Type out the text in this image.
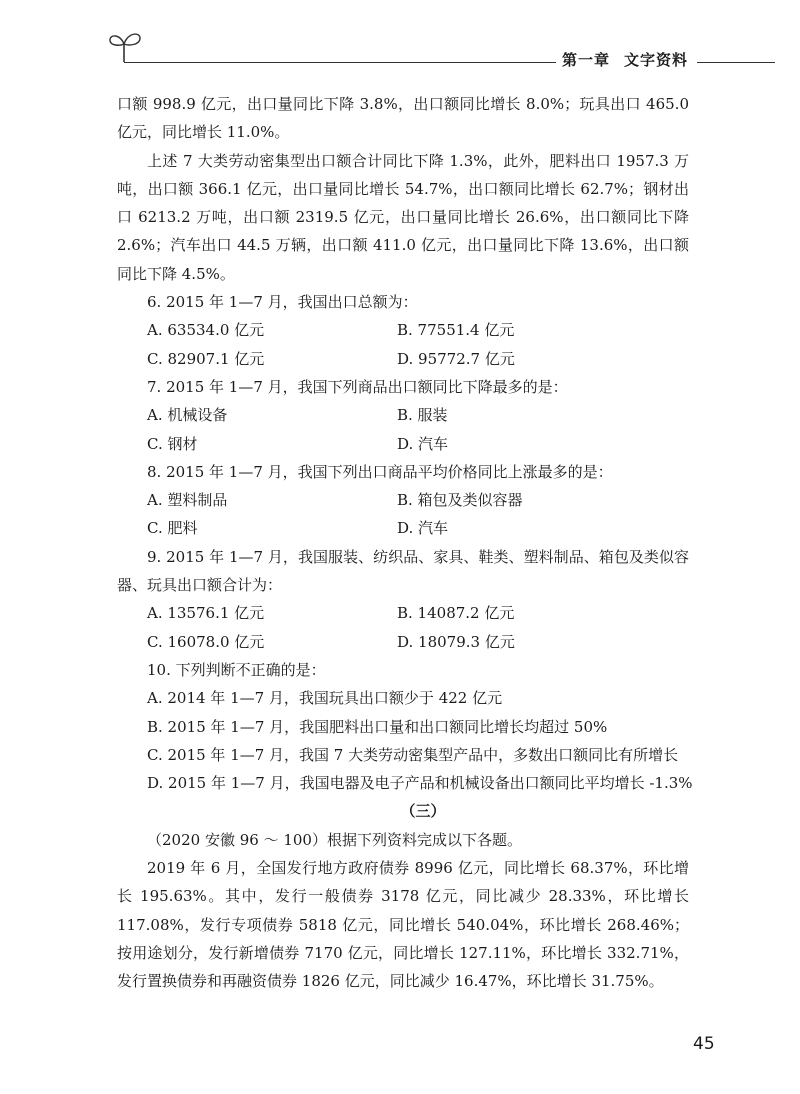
第一章 文字资料

口额 998.9 亿元，出口量同比下降 3.8%，出口额同比增长 8.0%；玩具出口 465.0 亿元，同比增长 11.0%。

上述 7 大类劳动密集型出口额合计同比下降 1.3%，此外，肥料出口 1957.3 万吨，出口额 366.1 亿元，出口量同比增长 54.7%，出口额同比增长 62.7%；钢材出口 6213.2 万吨，出口额 2319.5 亿元，出口量同比增长 26.6%，出口额同比下降 2.6%；汽车出口 44.5 万辆，出口额 411.0 亿元，出口量同比下降 13.6%，出口额同比下降 4.5%。

6. 2015 年 1—7 月，我国出口总额为：
A. 63534.0 亿元	B. 77551.4 亿元
C. 82907.1 亿元	D. 95772.7 亿元
7. 2015 年 1—7 月，我国下列商品出口额同比下降最多的是：
A. 机械设备	B. 服装
C. 钢材	D. 汽车
8. 2015 年 1—7 月，我国下列出口商品平均价格同比上涨最多的是：
A. 塑料制品	B. 箱包及类似容器
C. 肥料	D. 汽车

9. 2015 年 1—7 月，我国服装、纺织品、家具、鞋类、塑料制品、箱包及类似容器、玩具出口额合计为：

A. 13576.1 亿元	B. 14087.2 亿元
C. 16078.0 亿元	D. 18079.3 亿元
10. 下列判断不正确的是：
A. 2014 年 1—7 月，我国玩具出口额少于 422 亿元
B. 2015 年 1—7 月，我国肥料出口量和出口额同比增长均超过 50%
C. 2015 年 1—7 月，我国 7 大类劳动密集型产品中，多数出口额同比有所增长
D. 2015 年 1—7 月，我国电器及电子产品和机械设备出口额同比平均增长 -1.3%
（三）
（2020 安徽 96 ～ 100）根据下列资料完成以下各题。

2019 年 6 月，全国发行地方政府债券 8996 亿元，同比增长 68.37%，环比增长 195.63%。其中，发行一般债券 3178 亿元，同比减少 28.33%，环比增长 117.08%，发行专项债券 5818 亿元，同比增长 540.04%，环比增长 268.46%；按用途划分，发行新增债券 7170 亿元，同比增长 127.11%，环比增长 332.71%，发行置换债券和再融资债券 1826 亿元，同比减少 16.47%，环比增长 31.75%。

45
